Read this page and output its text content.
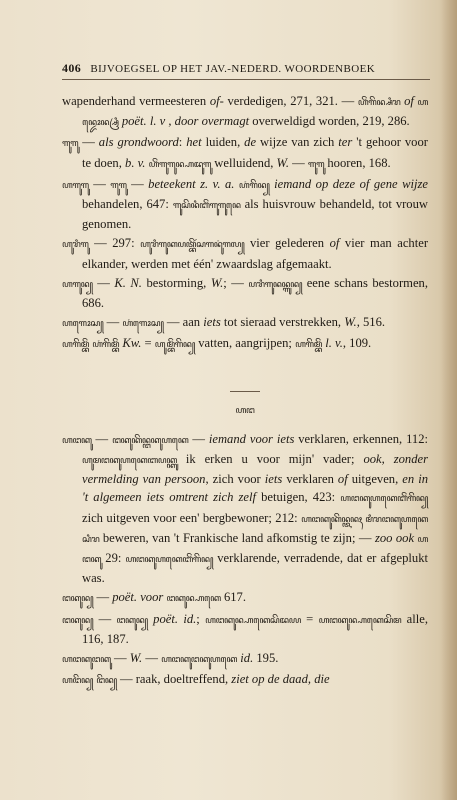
406 BIJVOEGSEL OP HET JAV.-NEDERD. WOORDENBOEK

wapenderhand vermeesteren of- verdedigen, 271, 321. — ꦲꦼꦁꦒꦼꦤ꧀ꦱꦶꦫ of ꦲꦤ꧀ꦢꦺꦴꦤ꧀ꦱꦿꦶ poët. l. v , door overmagt overweldigd worden, 219, 286.

ꦒꦸꦒꦸ — als grondwoord: het luiden, de wijze van zich ter 't gehoor voor te doen, b. v. ꦲꦼꦁꦒꦸꦒꦸꦤ꧀ꦲꦢꦸꦒꦸ welluidend, W. — ꦒꦸꦒꦸ hooren, 168.

ꦲꦒꦸꦒꦸ — ꦒꦸꦒꦸ — beteekent z. v. a. ꦲꦁꦒꦼꦤ꧀ iemand op deze of gene wijze behandelen, 647: ꦒꦸꦱꦼꦤꦶꦧꦼꦁꦒꦸꦒꦸꦤꦺ als huisvrouw behandeld, tot vrouw genomen.

ꦲꦸꦫꦶꦒꦸ — 297: ꦲꦸꦫꦶꦒꦸꦏꦥꦠ꧀ꦧꦼꦂꦱꦒꦤꦸꦁꦒꦭ꧀ vier gelederen of vier man achter elkander, werden met één' zwaardslag afgemaakt.

ꦲꦒꦸꦤ꧀ — K. N. bestorming, W.; — ꦥꦫꦶꦒꦸꦤꦤ꧀ꦒꦸꦤ꧀ eene schans bestormen, 686.

ꦲꦒꦺꦴꦱ꧀ — ꦲꦁꦒꦺꦴꦱ꧀ — aan iets tot sieraad verstrekken, W., 516.

ꦲꦒꦼꦩ꧀ꦧꦼꦁ ꦲꦁꦒꦼꦩ꧀ꦧꦼꦁ Kw. = ꦲꦸꦩ꧀ꦧꦼꦁꦒꦼꦤ꧀ vatten, aangrijpen; ꦲꦒꦼꦩ꧀ꦧꦼꦁ l. v., 109.

ꦲꦔ

ꦲꦔꦏꦸ — ꦔꦏꦸꦏꦼꦤ꧀ꦔꦏꦸꦲꦏꦺ — iemand voor iets verklaren, erkennen, 112: ꦲꦸꦩꦔꦏꦸꦲꦏꦺꦧꦥꦏ꧀ꦏꦸ ik erken u voor mijn' vader; ook, zonder vermelding van persoon, zich voor iets verklaren of uitgeven, en in 't algemeen iets omtrent zich zelf betuigen, 423: ꦲꦔꦏꦸꦲꦏꦺꦧꦼꦁꦒꦼꦤ꧀ zich uitgeven voor een' bergbewoner; 212: ꦲꦔꦏꦸꦏꦼꦤ꧀ꦠꦤꦃ ꦩꦶꦫꦔꦏꦸꦲꦏꦺꦱꦶꦫ beweren, van 't Frankische land afkomstig te zijn; — zoo ook ꦲꦔꦏꦸ 29: ꦲꦔꦏꦸꦲꦏꦺꦧꦼꦁꦒꦼꦤ꧀ verklarende, verradende, dat er afgeplukt was.

ꦔꦏꦸꦤ꧀ — poët. voor ꦔꦏꦸꦤ꧀ꦲꦏꦺ 617.

ꦔꦏꦸꦤ꧀ — ꦔꦏꦸꦤ꧀ poët. id.; ꦲꦔꦏꦸꦤ꧀ꦲꦏꦺꦱꦼꦢꦪ = ꦲꦔꦏꦸꦤ꧀ꦲꦏꦺꦱꦼꦩ alle, 116, 187.

ꦲꦔꦏꦸꦔꦏꦸ — W. — ꦲꦔꦏꦸꦔꦏꦸꦲꦏꦺ id. 195.

ꦲꦔꦼꦤ꧀ ꦔꦼꦤ꧀ — raak, doeltreffend, ziet op de daad, die
